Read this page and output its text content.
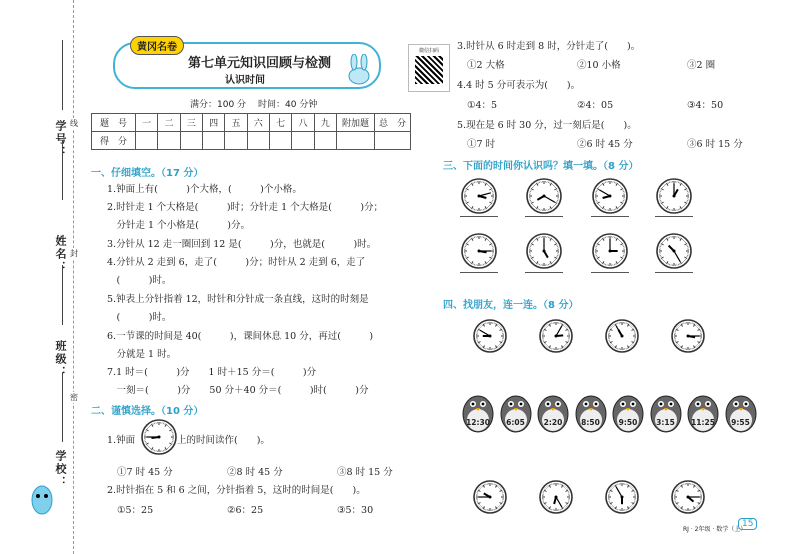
学号：
姓名：
班级：
学校：
线
封
密
黄冈名卷
第七单元知识回顾与检测
认识时间
微信扫码
满分：100 分 时间：40 分钟
题　号	一	二	三	四	五	六	七	八	九	附加题	总　分
得　分											
一、仔细填空。（17 分）
1.钟面上有(　　　)个大格，(　　　)个小格。
2.时针走 1 个大格是(　　　)时；分针走 1 个大格是(　　　)分；
　分针走 1 个小格是(　　　)分。
3.分针从 12 走一圈回到 12 是(　　　)分，也就是(　　　)时。
4.分针从 2 走到 6，走了(　　　)分；时针从 2 走到 6，走了
　(　　　)时。
5.钟表上分针指着 12，时针和分针成一条直线，这时的时刻是
　(　　　)时。
6.一节课的时间是 40(　　　)，课间休息 10 分，再过(　　　)
　分就是 1 时。
7.1 时＝(　　　)分　　1 时＋15 分＝(　　　)分
　一刻＝(　　　)分　　50 分＋40 分＝(　　　)时(　　　)分
二、谨慎选择。（10 分）
1.钟面	上的时间读作(　　)。
①7 时 45 分	②8 时 45 分	③8 时 15 分
2.时针指在 5 和 6 之间，分针指着 5，这时的时间是(　　)。
①5：25	②6：25	③5：30
3.时针从 6 时走到 8 时，分针走了(　　)。
①2 大格	②10 小格	③2 圈
4.4 时 5 分可表示为(　　)。
①4：5	②4：05	③4：50
5.现在是 6 时 30 分，过一刻后是(　　)。
①7 时	②6 时 45 分	③6 时 15 分
三、下面的时间你认识吗？填一填。（8 分）
四、找朋友，连一连。（8 分）
12:30	6:05	2:20	8:50	9:50	3:15	11:25	9:55
RJ · 2年级 · 数学（上）
15
